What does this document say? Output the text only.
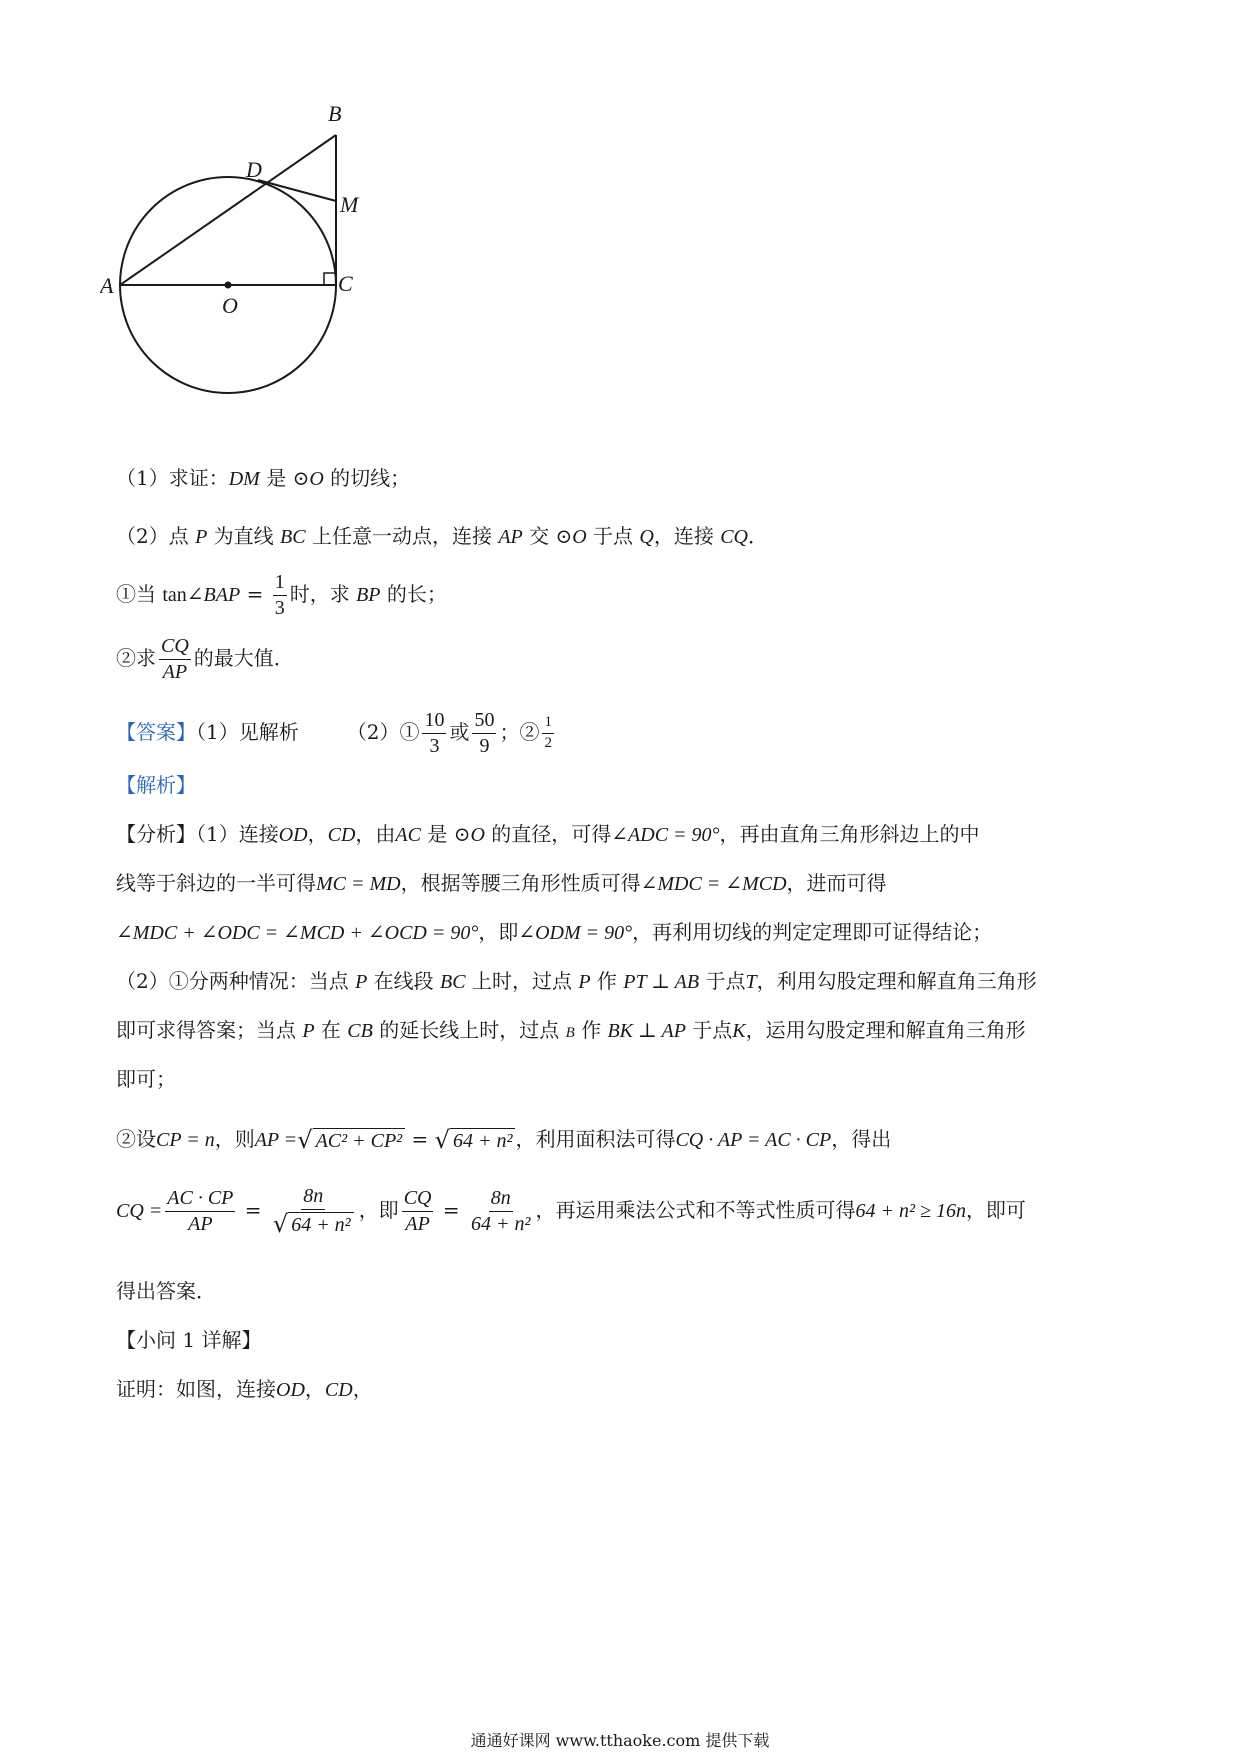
B
D
M
A	C
O
（1）求证：DM 是 ⊙O 的切线；
（2）点 P 为直线 BC 上任意一动点，连接 AP 交 ⊙O 于点 Q，连接 CQ．
①当 tan∠BAP = $\frac{1}{3}$ 时，求 BP 的长；
②求 $\frac{CQ}{AP}$ 的最大值．
【答案】（1）见解析 （2）① $\frac{10}{3}$ 或 $\frac{50}{9}$ ；② $\frac{1}{2}$
【解析】
【分析】（1）连接OD，CD，由AC 是 ⊙O 的直径，可得∠ADC = 90°，再由直角三角形斜边上的中
线等于斜边的一半可得MC = MD，根据等腰三角形性质可得∠MDC = ∠MCD，进而可得
∠MDC + ∠ODC = ∠MCD + ∠OCD = 90°，即∠ODM = 90°，再利用切线的判定定理即可证得结论；
（2）①分两种情况：当点 P 在线段 BC 上时，过点 P 作 PT ⊥ AB 于点T，利用勾股定理和解直角三角形
即可求得答案；当点 P 在 CB 的延长线上时，过点 B 作 BK ⊥ AP 于点K，运用勾股定理和解直角三角形
即可；
②设CP = n，则AP = √ AC² + CP² = √ 64 + n² ，利用面积法可得CQ · AP = AC · CP，得出
CQ = $\frac{AC \cdot CP}{AP} = \frac{8n}{\text{√ 64 + n²}}$ ，即 $\frac{CQ}{AP} = \frac{8n}{\text{64 + n²}}$ ，再运用乘法公式和不等式性质可得64 + n² ≥ 16n，即可
得出答案．
【小问 1 详解】
证明：如图，连接OD，CD，
通通好课网 www.tthaoke.com 提供下载
